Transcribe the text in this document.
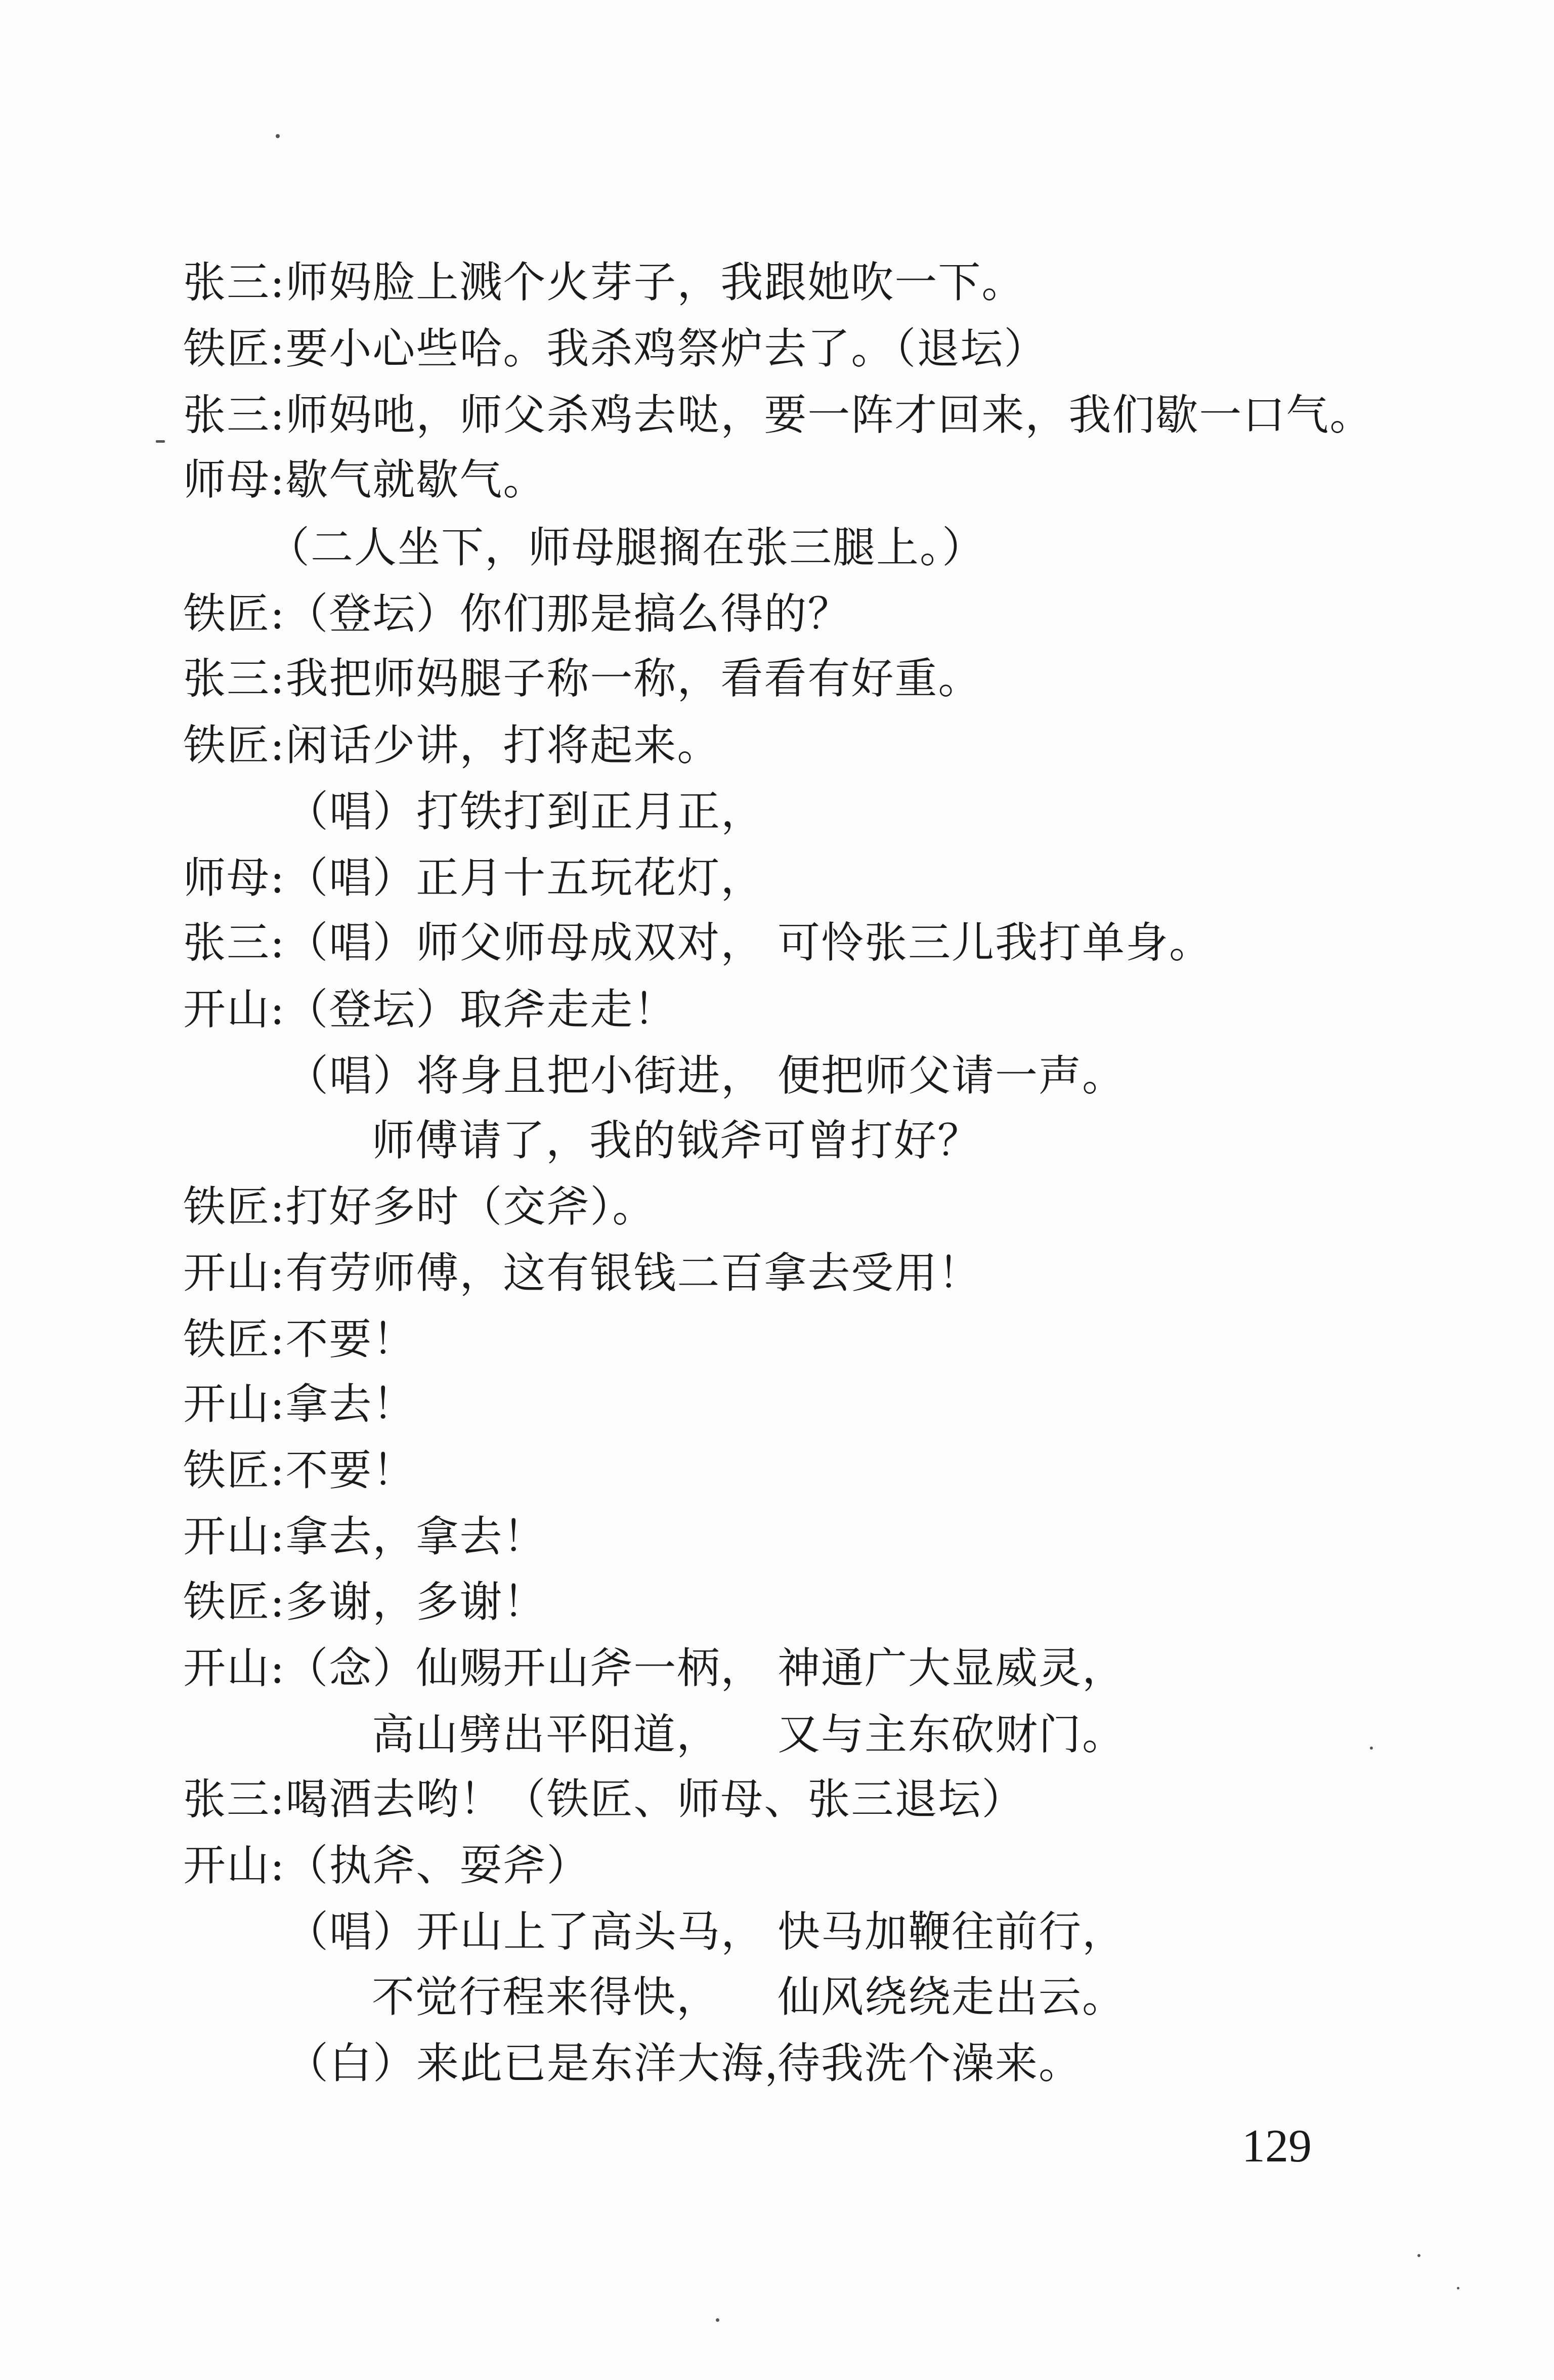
张三:师妈脸上溅个火芽子，我跟她吹一下。
铁匠:要小心些哈。我杀鸡祭炉去了。（退坛）
张三:师妈吔，师父杀鸡去哒，要一阵才回来，我们歇一口气。
师母:歇气就歇气。
（二人坐下，师母腿搁在张三腿上。）
铁匠:（登坛）你们那是搞么得的？
张三:我把师妈腿子称一称，看看有好重。
铁匠:闲话少讲，打将起来。
（唱）打铁打到正月正，
师母:（唱）正月十五玩花灯，
张三:（唱）师父师母成双对， 可怜张三儿我打单身。
开山:（登坛）取斧走走！
（唱）将身且把小街进， 便把师父请一声。
师傅请了，我的钺斧可曾打好？
铁匠:打好多时（交斧）。
开山:有劳师傅，这有银钱二百拿去受用！
铁匠:不要！
开山:拿去！
铁匠:不要！
开山:拿去，拿去！
铁匠:多谢，多谢！
开山:（念）仙赐开山斧一柄， 神通广大显威灵，
高山劈出平阳道， 又与主东砍财门。
张三:喝酒去哟！（铁匠、师母、张三退坛）
开山:（执斧、耍斧）
（唱）开山上了高头马， 快马加鞭往前行，
不觉行程来得快， 仙风绕绕走出云。
（白）来此已是东洋大海，
待我洗个澡来。
129
